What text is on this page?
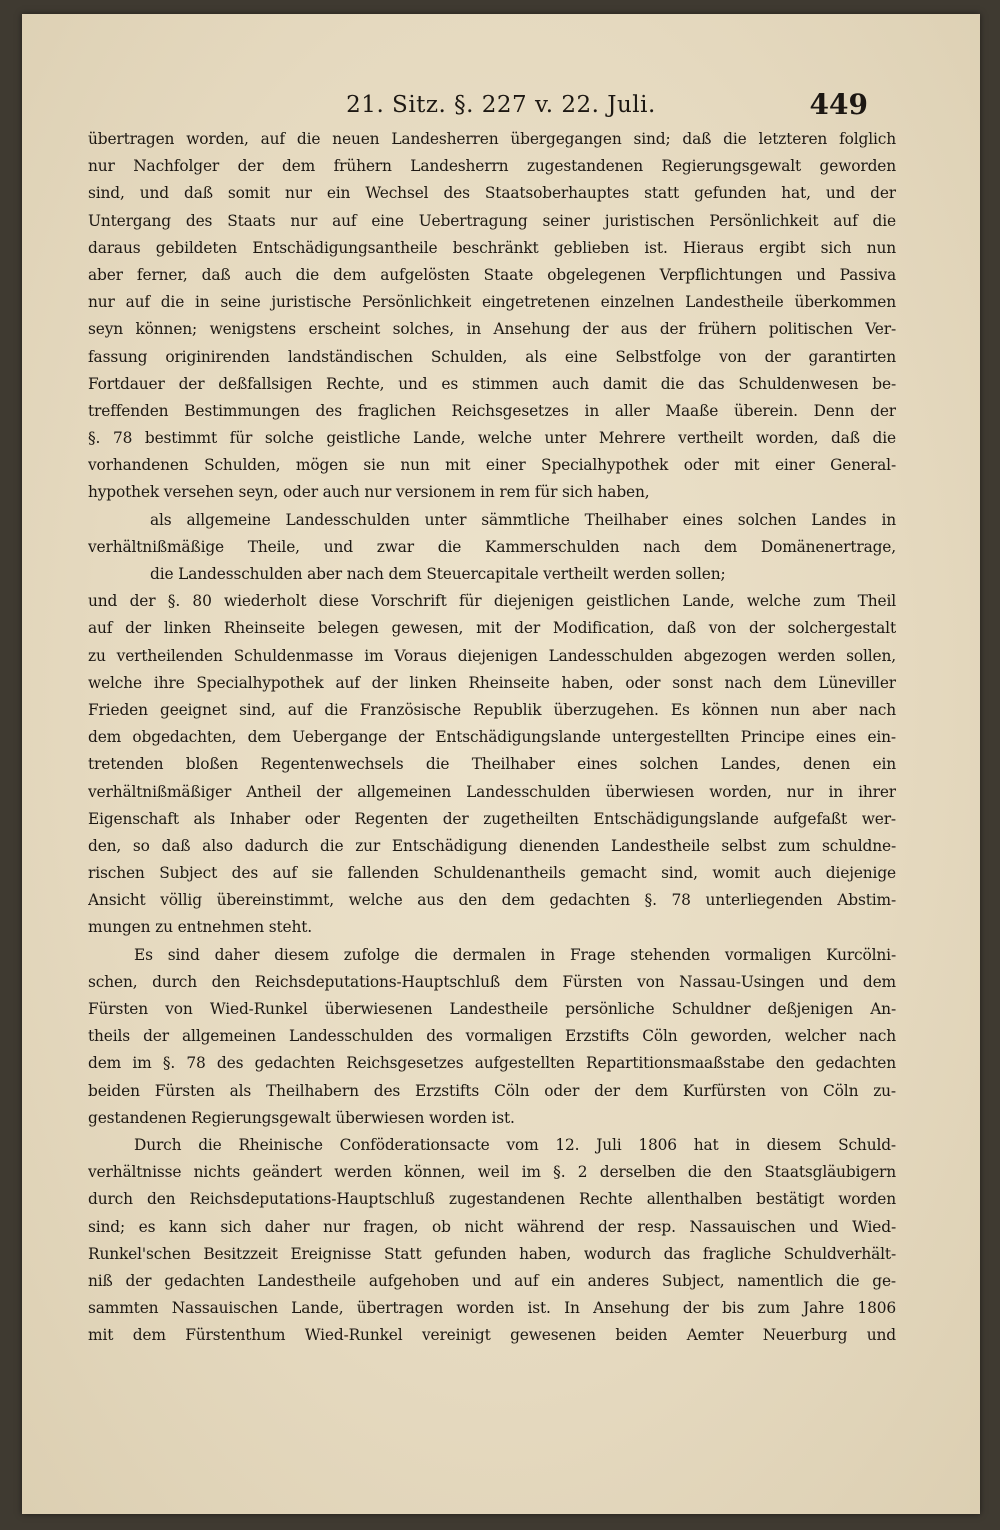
21. Sitz. §. 227 v. 22. Juli.	449
übertragen worden, auf die neuen Landesherren übergegangen sind; daß die letzteren folglich
nur Nachfolger der dem frühern Landesherrn zugestandenen Regierungsgewalt geworden
sind, und daß somit nur ein Wechsel des Staatsoberhauptes statt gefunden hat, und der
Untergang des Staats nur auf eine Uebertragung seiner juristischen Persönlichkeit auf die
daraus gebildeten Entschädigungsantheile beschränkt geblieben ist. Hieraus ergibt sich nun
aber ferner, daß auch die dem aufgelösten Staate obgelegenen Verpflichtungen und Passiva
nur auf die in seine juristische Persönlichkeit eingetretenen einzelnen Landestheile überkommen
seyn können; wenigstens erscheint solches, in Ansehung der aus der frühern politischen Ver-
fassung originirenden landständischen Schulden, als eine Selbstfolge von der garantirten
Fortdauer der deßfallsigen Rechte, und es stimmen auch damit die das Schuldenwesen be-
treffenden Bestimmungen des fraglichen Reichsgesetzes in aller Maaße überein. Denn der
§. 78 bestimmt für solche geistliche Lande, welche unter Mehrere vertheilt worden, daß die
vorhandenen Schulden, mögen sie nun mit einer Specialhypothek oder mit einer General-
hypothek versehen seyn, oder auch nur versionem in rem für sich haben,
als allgemeine Landesschulden unter sämmtliche Theilhaber eines solchen Landes in
verhältnißmäßige Theile, und zwar die Kammerschulden nach dem Domänenertrage,
die Landesschulden aber nach dem Steuercapitale vertheilt werden sollen;
und der §. 80 wiederholt diese Vorschrift für diejenigen geistlichen Lande, welche zum Theil
auf der linken Rheinseite belegen gewesen, mit der Modification, daß von der solchergestalt
zu vertheilenden Schuldenmasse im Voraus diejenigen Landesschulden abgezogen werden sollen,
welche ihre Specialhypothek auf der linken Rheinseite haben, oder sonst nach dem Lüneviller
Frieden geeignet sind, auf die Französische Republik überzugehen. Es können nun aber nach
dem obgedachten, dem Uebergange der Entschädigungslande untergestellten Principe eines ein-
tretenden bloßen Regentenwechsels die Theilhaber eines solchen Landes, denen ein
verhältnißmäßiger Antheil der allgemeinen Landesschulden überwiesen worden, nur in ihrer
Eigenschaft als Inhaber oder Regenten der zugetheilten Entschädigungslande aufgefaßt wer-
den, so daß also dadurch die zur Entschädigung dienenden Landestheile selbst zum schuldne-
rischen Subject des auf sie fallenden Schuldenantheils gemacht sind, womit auch diejenige
Ansicht völlig übereinstimmt, welche aus den dem gedachten §. 78 unterliegenden Abstim-
mungen zu entnehmen steht.
Es sind daher diesem zufolge die dermalen in Frage stehenden vormaligen Kurcölni-
schen, durch den Reichsdeputations-Hauptschluß dem Fürsten von Nassau-Usingen und dem
Fürsten von Wied-Runkel überwiesenen Landestheile persönliche Schuldner deßjenigen An-
theils der allgemeinen Landesschulden des vormaligen Erzstifts Cöln geworden, welcher nach
dem im §. 78 des gedachten Reichsgesetzes aufgestellten Repartitionsmaaßstabe den gedachten
beiden Fürsten als Theilhabern des Erzstifts Cöln oder der dem Kurfürsten von Cöln zu-
gestandenen Regierungsgewalt überwiesen worden ist.
Durch die Rheinische Conföderationsacte vom 12. Juli 1806 hat in diesem Schuld-
verhältnisse nichts geändert werden können, weil im §. 2 derselben die den Staatsgläubigern
durch den Reichsdeputations-Hauptschluß zugestandenen Rechte allenthalben bestätigt worden
sind; es kann sich daher nur fragen, ob nicht während der resp. Nassauischen und Wied-
Runkel'schen Besitzzeit Ereignisse Statt gefunden haben, wodurch das fragliche Schuldverhält-
niß der gedachten Landestheile aufgehoben und auf ein anderes Subject, namentlich die ge-
sammten Nassauischen Lande, übertragen worden ist. In Ansehung der bis zum Jahre 1806
mit dem Fürstenthum Wied-Runkel vereinigt gewesenen beiden Aemter Neuerburg und
